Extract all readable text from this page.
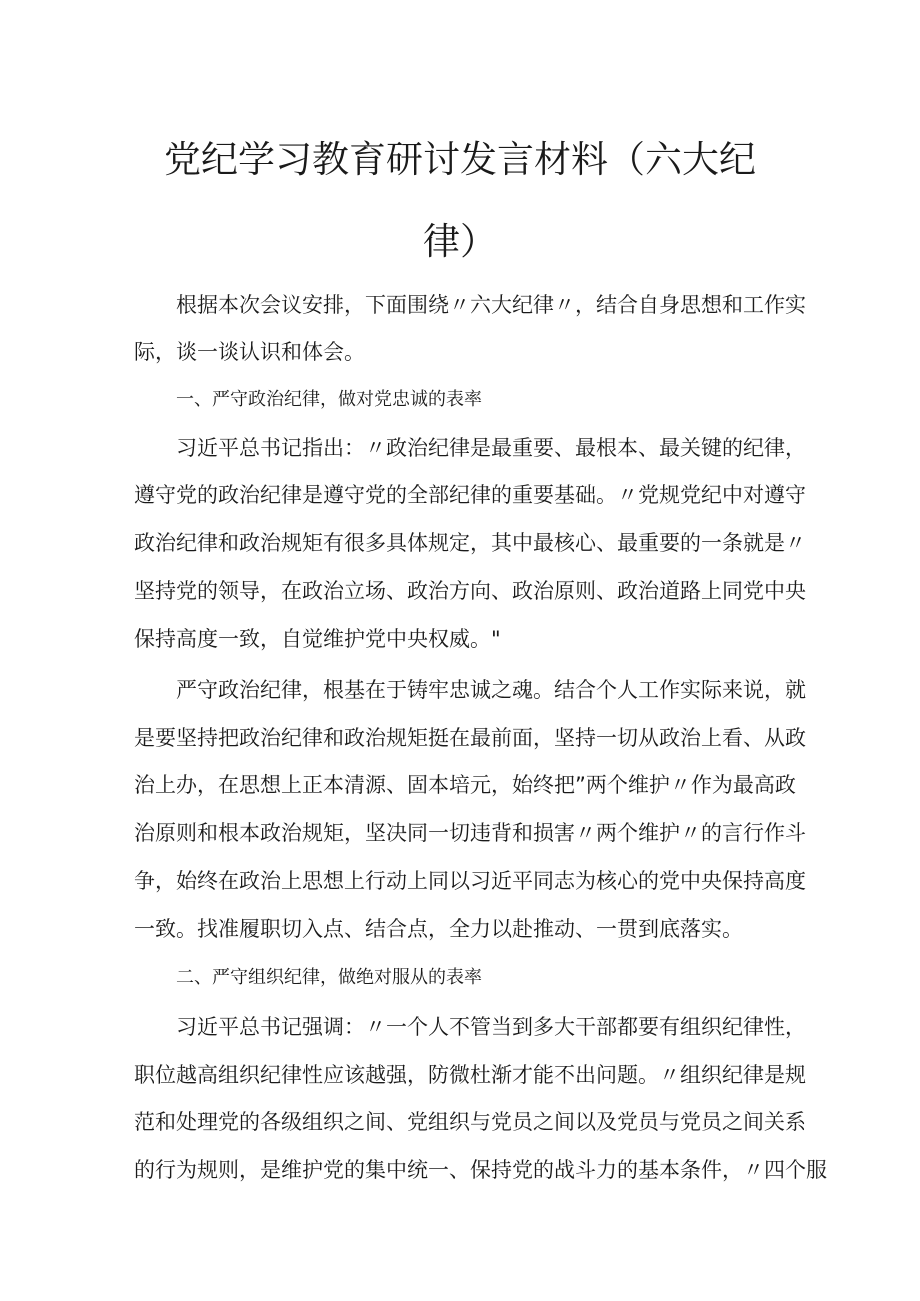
党纪学习教育研讨发言材料（六大纪
律）

根据本次会议安排，下面围绕〃六大纪律〃，结合自身思想和工作实

际，谈一谈认识和体会。

一、严守政治纪律，做对党忠诚的表率

习近平总书记指出：〃政治纪律是最重要、最根本、最关键的纪律，

遵守党的政治纪律是遵守党的全部纪律的重要基础。〃党规党纪中对遵守

政治纪律和政治规矩有很多具体规定，其中最核心、最重要的一条就是〃

坚持党的领导，在政治立场、政治方向、政治原则、政治道路上同党中央

保持高度一致，自觉维护党中央权威。"

严守政治纪律，根基在于铸牢忠诚之魂。结合个人工作实际来说，就

是要坚持把政治纪律和政治规矩挺在最前面，坚持一切从政治上看、从政

治上办，在思想上正本清源、固本培元，始终把”两个维护〃作为最高政

治原则和根本政治规矩，坚决同一切违背和损害〃两个维护〃的言行作斗

争，始终在政治上思想上行动上同以习近平同志为核心的党中央保持高度

一致。找准履职切入点、结合点，全力以赴推动、一贯到底落实。

二、严守组织纪律，做绝对服从的表率

习近平总书记强调：〃一个人不管当到多大干部都要有组织纪律性，

职位越高组织纪律性应该越强，防微杜渐才能不出问题。〃组织纪律是规

范和处理党的各级组织之间、党组织与党员之间以及党员与党员之间关系

的行为规则，是维护党的集中统一、保持党的战斗力的基本条件，〃四个服
